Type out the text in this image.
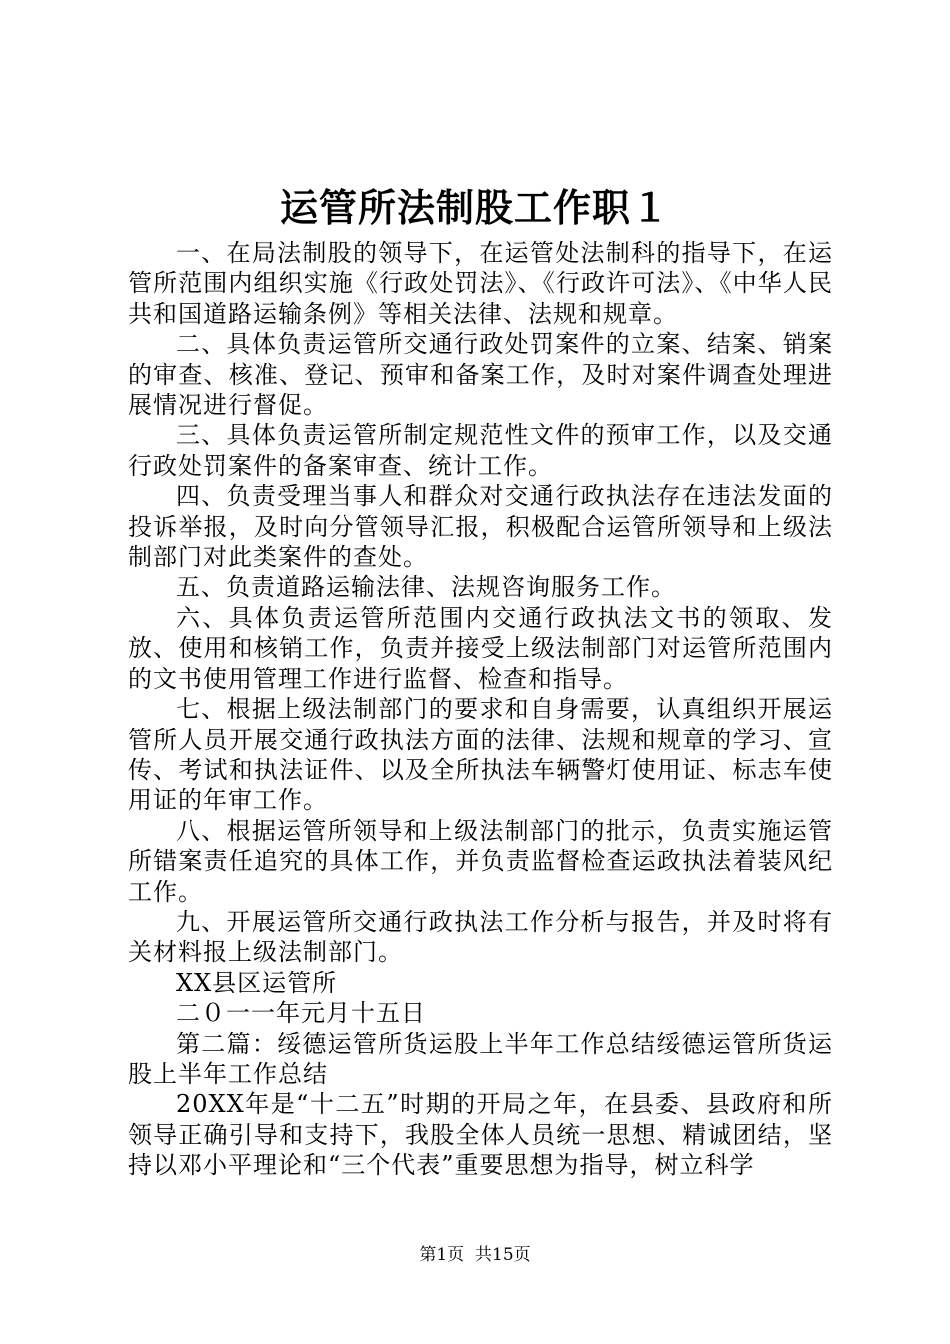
运管所法制股工作职１

一、在局法制股的领导下，在运管处法制科的指导下，在运管所范围内组织实施《行政处罚法》、《行政许可法》、《中华人民共和国道路运输条例》等相关法律、法规和规章。

二、具体负责运管所交通行政处罚案件的立案、结案、销案的审查、核准、登记、预审和备案工作，及时对案件调查处理进展情况进行督促。

三、具体负责运管所制定规范性文件的预审工作，以及交通行政处罚案件的备案审查、统计工作。

四、负责受理当事人和群众对交通行政执法存在违法发面的投诉举报，及时向分管领导汇报，积极配合运管所领导和上级法制部门对此类案件的查处。

五、负责道路运输法律、法规咨询服务工作。

六、具体负责运管所范围内交通行政执法文书的领取、发放、使用和核销工作，负责并接受上级法制部门对运管所范围内的文书使用管理工作进行监督、检查和指导。

七、根据上级法制部门的要求和自身需要，认真组织开展运管所人员开展交通行政执法方面的法律、法规和规章的学习、宣传、考试和执法证件、以及全所执法车辆警灯使用证、标志车使用证的年审工作。

八、根据运管所领导和上级法制部门的批示，负责实施运管所错案责任追究的具体工作，并负责监督检查运政执法着装风纪工作。

九、开展运管所交通行政执法工作分析与报告，并及时将有关材料报上级法制部门。

XX县区运管所

二０一一年元月十五日

第二篇：绥德运管所货运股上半年工作总结绥德运管所货运股上半年工作总结

20XX年是“十二五”时期的开局之年，在县委、县政府和所领导正确引导和支持下，我股全体人员统一思想、精诚团结，坚持以邓小平理论和“三个代表”重要思想为指导，树立科学

第1页 共15页
